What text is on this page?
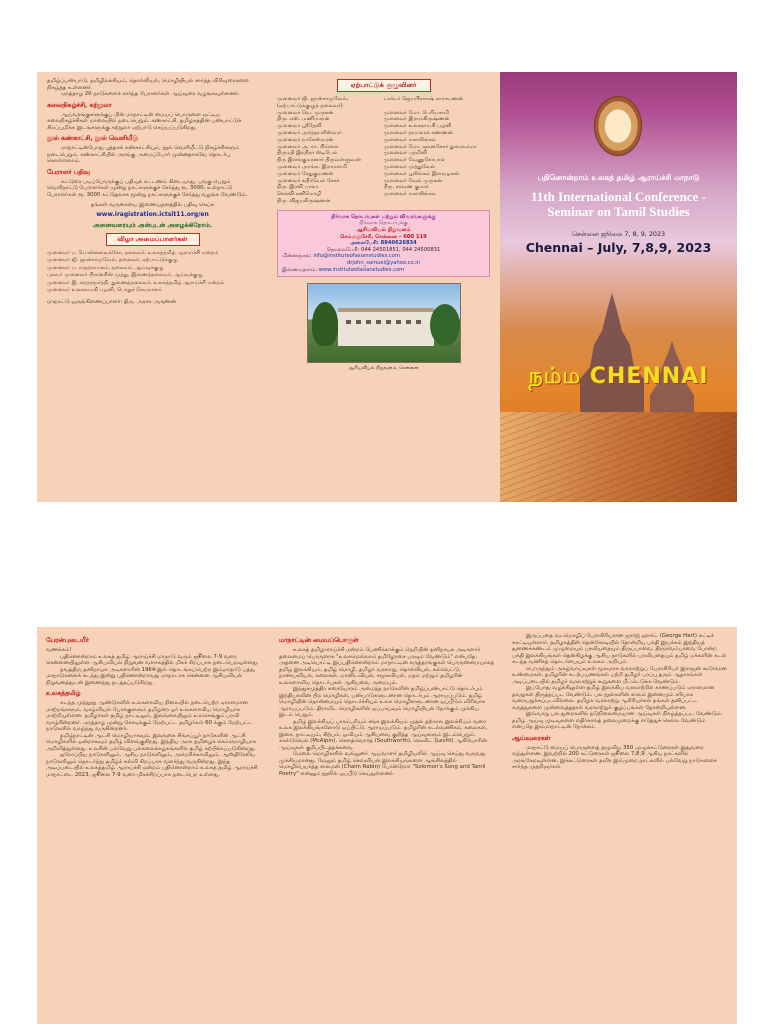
தமிழ்ப்பண்பாடு, தமிழிலக்கியம், தொல்லியல், மொழியியல் சார்ந்த விரிவுரைகளை நிகழ்த்த உள்ளனர்.

ஏறத்தாழ 20 நாடுகளைச் சார்ந்த பேராளர்கள் ஆய்வுரை வழங்கவுள்ளனர்.

கலைநிகழ்ச்சி, கற்றுலா

ஆய்வரங்குகளுக்குப் பின் மாநாட்டின் மையப் பொருளை ஒட்டிய கலைநிகழ்ச்சிகள் மாலையில் நடைபெறும். கண்காட்சி, தமிழகத்தின் பண்பாட்டுச் சிறப்புமிக்க இடங்களுக்கு கற்றுலா ஏற்பாடு செய்யப்படுகிறது.

நூல் கண்காட்சி, நூல் வெளியீடு

மாநாட்டின்போது புத்தகக் கண்காட்சியும், நூல் வெளியீட்டு நிகழ்ச்சிகளும் நடைபெறும். கண்காட்சியில் அரங்கு அமைப்போர் முன்னதாகவே தொடர்பு கொள்ளலாம்.

பேராளர் பதிவு

கட்டுரை படிப்போருக்குப் பதிவுக் கட்டணம் கிடையாது. பங்கு பெறும் வெளிநாட்டு பேராளர்கள் முன்று நாட்களுக்குச் சேர்த்து ரூ. 3000, உள்நாட்டு பேராளர்கள் ரூ. 3000 கட்டுதலாக மூன்று நாட்களுக்குச் சேர்த்து வழங்க வேண்டும்.

தங்கள் வருகையை இணையதளத்தில் பதிவு செய்க

www.iragistration.ictsit11.org/en

அனைவரையும் அன்புடன் அழைக்கிறோம்.

விழா அமைப்பாளர்கள்

முனைவர் ப. பொன்னவைக்கோ, தலைவர், உலகத்தமிழ் ஆராய்ச்சி மன்றம்

முனைவர் ஜி. ஜான்சாமுவேல், தலைவர், ஏற்பாட்டுக்குழு

முனைவர் ப. மருதநாயகம், தலைவர், ஆய்வுக்குழு

புலவர் முனைவர் பிரான்சிஸ் முத்து, இணைத்தலைவர், ஆய்வுக்குழு

முனைவர் இ. சுந்தரமூர்த்தி, துணைத்தலைவர், உலகத்தமிழ் ஆராய்ச்சி மன்றம்

முனைவர் உலகநாயகி பழனி, பொதுச் செயலாளர்

மாநாட்டு ஒருங்கிணைப்பாளர்: திரு. அரசா அருணன்

ஏற்பாட்டுக் குழுவினர்
முனைவர் ஜி. ஜான்சாமுவேல்,	டாக்டர் ஜெயபிரகாஷ் நாராயணன்
(ஏற்பாட்டுக்குழுத் தலைவர்)
முனைவர் வெ. முருகன்	முனைவர் மோ. பெரியசாமி
திரு. எஸ். மணிமாறன்	முனைவர் இராமகிருஷ்ணன்
முனைவர் ஸ்ரீதேவி	முனைவர் உலகநாயகி பழனி
முனைவர் அர்த்தநாரீஸ்வரர்	முனைவர் தாமரைக் கண்ணன்
முனைவர் நாகேஸ்வரன்	முனைவர் மகாலிங்கம்
முனைவர் அ. ரா. பிள்ளை	முனைவர் மோ. ஞானசேகர் துரைவர்மா
திருமதி இந்திரா ஸ்டிபேல்	முனைவர் பத்மினி
திரு இளங்குமரனார் திருவள்ளுவன்	முனைவர் வேணுகோபால்
முனைவர் அரங்க. இராமசாமி	முனைவர் முத்துவேல்
முனைவர் சேதுகுமணன்	முனைவர் பூலிங்கம் இளவழகன்
முனைவர் கதிர்வேல் சேகர்	முனைவர் வேல் முருகன்
திரு. இரவி பாலா	திரு. சரவண குமார்
செல்வி கனிமொழி	முனைவர் மகாலிங்கம்
திரு. விஜயகிருஷ்ணன்

நிர்வாக தொடர்புகள் மற்றும் விவரங்களுக்கு

நிர்வாக தொடர்புக்கு

ஆசியவியல் நிறுவனம்

செம்மஞ்சேரி, சென்னை – 600 119

அலைபேசி: 8840626834

தொலைபேசி: 044 24501851, 044 24500831

மின்னஞ்சல்: info@instituteofasianstudies.com

drjohn_samuel@yahoo.co.in

இணையதளம்: www.instituteofasianstudies.com

ஆசியவியல் நிறுவனம், சென்னை

பதினொன்றாம் உலகத் தமிழ் ஆராய்ச்சி மாநாடு
11th International Conference -
Seminar on Tamil Studies
சென்னை ஜூலை 7, 8, 9, 2023
Chennai – July, 7,8,9, 2023
நம்ம CHENNAI

பேரன்புடையீர்

வணக்கம்!

பதினொன்றாம் உலகத் தமிழ் ஆராய்ச்சி மாநாடு வரும் ஜூலை 7-9 வரை சென்னையிலுள்ள ஆசியவியல் நிறுவன வளாகத்தில் மிகச் சிறப்பாக நடைபெறவுள்ளது.

தவத்திரு தனிநாயக அடிகளாரின் 1964-இல் தொடங்கப்பெற்ற இம்மாநாடு பத்து மாநாடுகளைக் கடந்து இன்று பதினொன்றாவது மாநாடாக சென்னை ஆசியவியல் நிறுவனத்துடன் இணைந்து நடத்தப்படுகிறது.

உலகத்தமிழ்

கடந்த முந்நூறு ஆண்டுகளில் உலகளாவிய நிலையில் நடைபெற்ற ஏராளமான மாற்றங்களும், வாழ்வியல் போக்குகளும் தமிழரை ஓர் உலகளாவிய மொழியாக மாற்றியுள்ளன. தமிழர்கள் தமிழ் நாட்டிலும், இலங்கையிலும் உலகெங்கும் பரவி வாழ்கின்றனர். ஏறத்தாழ முன்று கோடிக்கும் மேற்பட்ட தமிழர்கள் 60 க்கும் மேற்பட்ட நாடுகளில் வாழ்ந்து வருகின்றனர்.

தமிழ்நாட்டின் ஆட்சி மொழியாகவும், இலங்கை சிங்கப்பூர் நாடுகளின் ஆட்சி மொழிகளில் ஒன்றாகவும் தமிழ் விளங்குகிறது. இந்திய அரசு தமிழைச் செம்மொழியாக அறிவித்துள்ளது. உலகின் பல்வேறு பல்கலைக்கழகங்களில் தமிழ் கற்பிக்கப்படுகின்றது.

ஐரோப்பிய நாடுகளிலும், ஆசிய நாடுகளிலும், அமெரிக்காவிலும், ஆஸ்திரேலிய நாடுகளிலும் தொடர்ந்து தமிழ்க் கல்வி சிறப்பாக வளர்ந்து வருகின்றது. இந்த அடிப்படையில் உலகத்தமிழ் ஆராய்ச்சி மன்றம் பதினொன்றாம் உலகத் தமிழ் ஆராய்ச்சி மாநாட்டை 2023, ஜூலை 7-9 வரை மிகச்சிறப்பாக நடைபெற உள்ளது.

மாநாட்டின் மையப்பொருள்

உலகத் தமிழாராய்ச்சி மன்றம் பேணிக்காக்கும் நெறியின் தனிநாயக அடிகளார் தலைமைப் பொருளாக "உலகமெல்லாம் தமிழோசை பரவும் வேண்டும்" என்பதே. அதனை அடியொட்டி இப்பதினொன்றாம் மாநாட்டின் கருத்தரங்குகள் பொருண்மையாகத் தமிழ் இலக்கியம், தமிழ் மொழி, தமிழர் வரலாறு, தொல்லியல், கல்வெட்டு, நாணயவியல், கலைகள், மானிடவியல், சமூகவியல், மதம் மற்றும் தமிழரின் உலகளாவிய தொடர்புகள் ஆகியவை அமையும்.

இந்துசமுத்திர கரையோரம் அமைந்த நாடுகளின் தமிழ்ப்பண்பாட்டு தொடர்பும் இந்தியாவின் பிற மொழிகள், பண்பாடுகளுடனான தொடர்பும் ஆராயப்படும். தமிழ் மொழியின் தொன்மையும் தொடர்ச்சியும் உலக மொழிகளுடனான ஒப்பீடும் விரிவாக ஆராயப்படும். திராவிட மொழிகளின் ஒப்பாய்வும் மொழியியல் நோக்கும் முக்கிய இடம் பெறும்.

தமிழ் இலக்கியப் பாரம்பரியம் சங்க இலக்கியம் முதல் தற்கால இலக்கியம் வரை உலக இலக்கியங்களோடு ஒப்பிட்டு ஆராயப்படும். தமிழரின் கடல்வணிகம், கலைகள், இசை, நாட்டியம், சிற்பம், ஓவியம் ஆகியவை குறித்த ஆய்வுகளும் இடம்பெறும். கால்டுவெல் (McAlpin), சௌத்வொர்த் (Southworth), லெவிட் (Levitt) ஆகியோரின் ஆய்வுகள் குறிப்பிடத்தக்கவை.

மேலை மொழிகளில் வல்லுனர் ஆய்வாளர் தமிழியலில் ஆய்வு செய்து வருவது முக்கியமானது. மேலும் தமிழ் செவ்வியல் இலக்கியங்களை ஆங்கிலத்தில் மொழிபெயர்த்த சாலமன் (Chaim Rabin) போன்றோர் "Solomon's Song and Tamil Poetry" என்னும் நூலில் ஒப்பீடு செய்துள்ளனர்.

இருப்பதை வடமொழிப் பேராசிரியரான ஜார்ஜ் ஹார்ட் (George Hart) சுட்டிக் காட்டியுள்ளார். தமிழகத்தின் தென்கோடியில் தோன்றிய பக்தி இயக்கம் இந்தியத் துணைக்கண்டம் முழுமையும் பரவியதையும் திருப்பாவை, திருவெம்பாவை போன்ற பக்தி இலக்கியங்கள் தென்கிழக்கு ஆசிய நாடுகளில் பரவியதையும் தமிழ் மக்களின் கடல் கடந்த வணிகத் தொடர்பையும் உலகம் அறியும்.

பொருந்தும் அகழ்வாய்வுகள் மூலமாக வரலாற்றுப் பேராசிரியர் இராஜன் கூடுமென உண்மைகள், தமிழரின் கடற்பயணங்கள் பற்றி தமிழர் பரப்பு தரும் ஆதாரங்கள் அடிப்படையில் தமிழர் வரலாற்றுக் கூறுகளை மீட்டெடுக்க வேண்டும்.

இப்போது வழக்கிலுள்ள தமிழ் இலக்கிய வரலாற்றில் காணப்படும் ஏராளமான தவறுகள் திருத்தப்பட வேண்டும். பல நூல்களின் காலம் இன்னமும் சரியாக வரையறுக்கப்படவில்லை. தமிழக வரலாற்று ஆசிரியர்கள் தங்கள் தனிப்பட்ட கருத்துகளை முன்வைத்ததால் வரலாற்றுக் குழப்பங்கள் தோன்றியுள்ளன.

இவ்வாறு பல துறைகளில் நடுநிலைமையான ஆய்வுகள் நிகழ்த்தப்பட வேண்டும். தமிழ் ஆய்வு முடிவுகளை எதிர்காலத் தலைமுறைக்கு எடுத்துச் செல்ல வேண்டும் என்பதே இம்மாநாட்டின் நோக்கம்.

ஆய்வுரைகள்

மாநாட்டு மையப் பொருளைத் தழுவிய 350 முழுக்கட்டுரைகள் இதுவரை வந்துள்ளன. இவற்றில் 200 கட்டுரைகள் ஜூலை 7,8,9 ஆகிய நாட்களில் அரங்கேறவுள்ளன. இக்கட்டுரைகள் தவிர இம்முறை நாட்களில் பல்வேறு நாடுகளைச் சார்ந்த முதறிஞர்கள்
